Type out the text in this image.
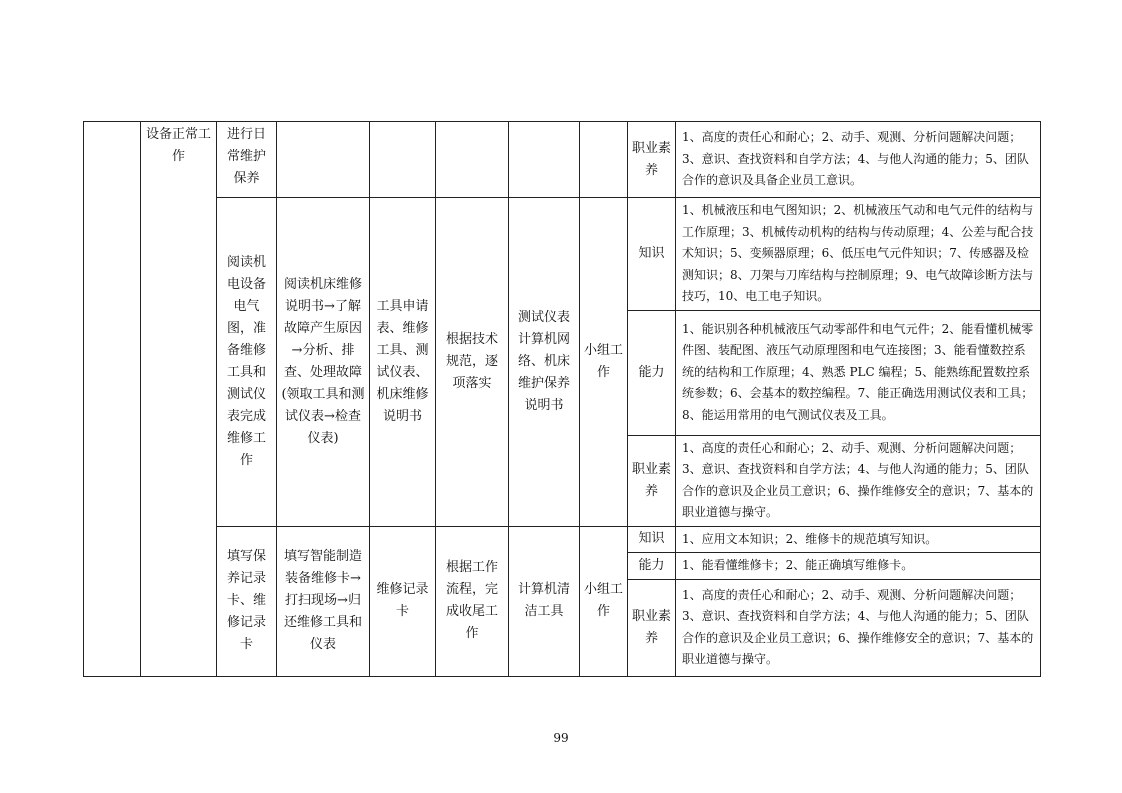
	设备正常工作	进行日常维护保养						职业素养	1、高度的责任心和耐心；2、动手、观测、分析问题解决问题；3、意识、查找资料和自学方法；4、与他人沟通的能力；5、团队合作的意识及具备企业员工意识。
		阅读机电设备电气图，准备维修工具和测试仪表完成维修工作	阅读机床维修说明书→了解故障产生原因→分析、排查、处理故障(领取工具和测试仪表→检查仪表)	工具申请表、维修工具、测试仪表、机床维修说明书	根据技术规范，逐项落实	测试仪表计算机网络、机床维护保养说明书	小组工作	知识	1、机械液压和电气图知识；2、机械液压气动和电气元件的结构与工作原理；3、机械传动机构的结构与传动原理；4、公差与配合技术知识；5、变频器原理；6、低压电气元件知识；7、传感器及检测知识；8、刀架与刀库结构与控制原理；9、电气故障诊断方法与技巧，10、电工电子知识。
								能力	1、能识别各种机械液压气动零部件和电气元件；2、能看懂机械零件图、装配图、液压气动原理图和电气连接图；3、能看懂数控系统的结构和工作原理；4、熟悉 PLC 编程；5、能熟练配置数控系统参数；6、会基本的数控编程。7、能正确选用测试仪表和工具；8、能运用常用的电气测试仪表及工具。
								职业素养	1、高度的责任心和耐心；2、动手、观测、分析问题解决问题；3、意识、查找资料和自学方法；4、与他人沟通的能力；5、团队合作的意识及企业员工意识；6、操作维修安全的意识；7、基本的职业道德与操守。
		填写保养记录卡、维修记录卡	填写智能制造装备维修卡→打扫现场→归还维修工具和仪表	维修记录卡	根据工作流程，完成收尾工作	计算机清洁工具	小组工作	知识	1、应用文本知识；2、维修卡的规范填写知识。
								能力	1、能看懂维修卡；2、能正确填写维修卡。
								职业素养	1、高度的责任心和耐心；2、动手、观测、分析问题解决问题；3、意识、查找资料和自学方法；4、与他人沟通的能力；5、团队合作的意识及企业员工意识；6、操作维修安全的意识；7、基本的职业道德与操守。
99
